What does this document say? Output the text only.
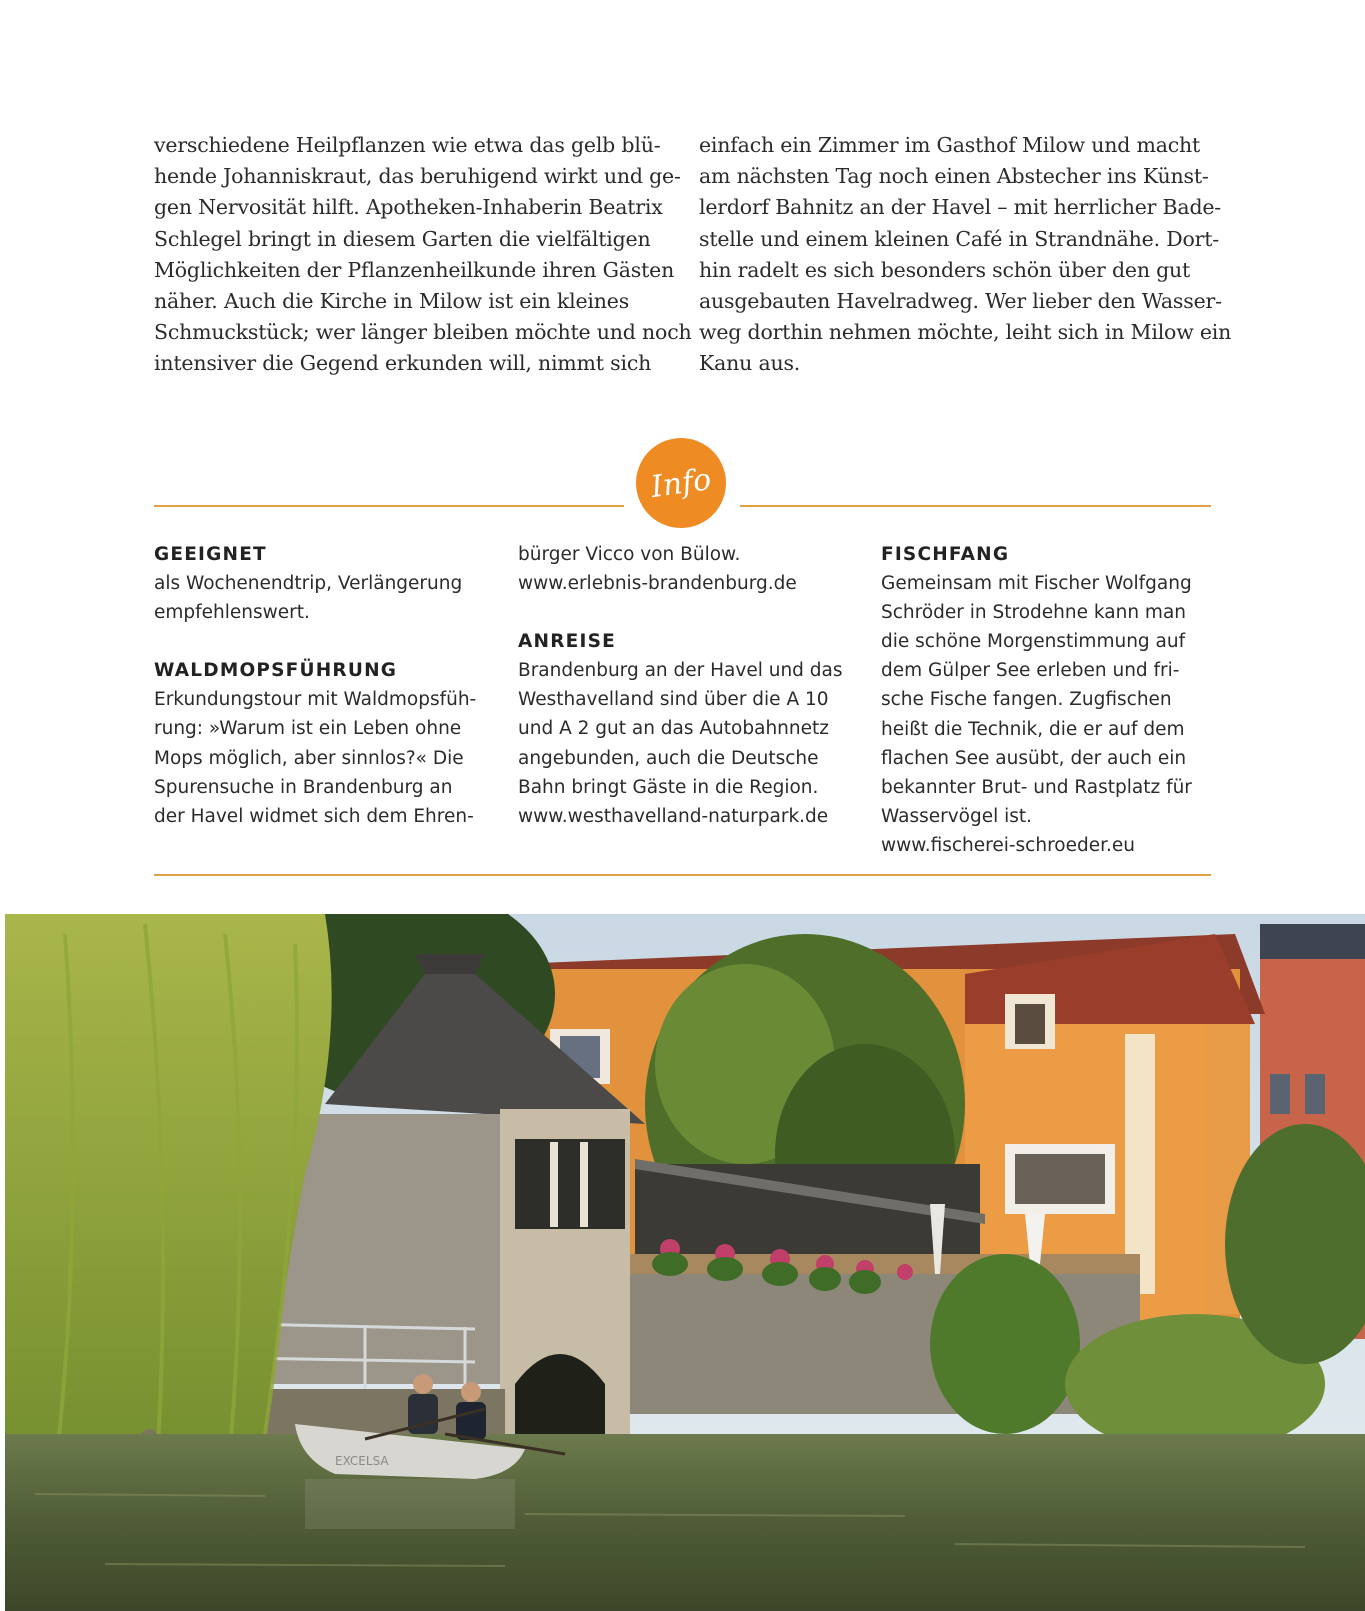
verschiedene Heilpflanzen wie etwa das gelb blü-
hende Johanniskraut, das beruhigend wirkt und ge-
gen Nervosität hilft. Apotheken-Inhaberin Beatrix
Schlegel bringt in diesem Garten die vielfältigen
Möglichkeiten der Pflanzenheilkunde ihren Gästen
näher. Auch die Kirche in Milow ist ein kleines
Schmuckstück; wer länger bleiben möchte und noch
intensiver die Gegend erkunden will, nimmt sich
einfach ein Zimmer im Gasthof Milow und macht
am nächsten Tag noch einen Abstecher ins Künst-
lerdorf Bahnitz an der Havel – mit herrlicher Bade-
stelle und einem kleinen Café in Strandnähe. Dort-
hin radelt es sich besonders schön über den gut
ausgebauten Havelradweg. Wer lieber den Wasser-
weg dorthin nehmen möchte, leiht sich in Milow ein
Kanu aus.
Info
GEEIGNET
als Wochenendtrip, Verlängerung
empfehlenswert.
WALDMOPSFÜHRUNG
Erkundungstour mit Waldmopsfüh-
rung: »Warum ist ein Leben ohne
Mops möglich, aber sinnlos?« Die
Spurensuche in Brandenburg an
der Havel widmet sich dem Ehren-
bürger Vicco von Bülow.
www.erlebnis-brandenburg.de
ANREISE
Brandenburg an der Havel und das
Westhavelland sind über die A 10
und A 2 gut an das Autobahnnetz
angebunden, auch die Deutsche
Bahn bringt Gäste in die Region.
www.westhavelland-naturpark.de
FISCHFANG
Gemeinsam mit Fischer Wolfgang
Schröder in Strodehne kann man
die schöne Morgenstimmung auf
dem Gülper See erleben und fri-
sche Fische fangen. Zugfischen
heißt die Technik, die er auf dem
flachen See ausübt, der auch ein
bekannter Brut- und Rastplatz für
Wasservögel ist.
www.fischerei-schroeder.eu
EXCELSA
